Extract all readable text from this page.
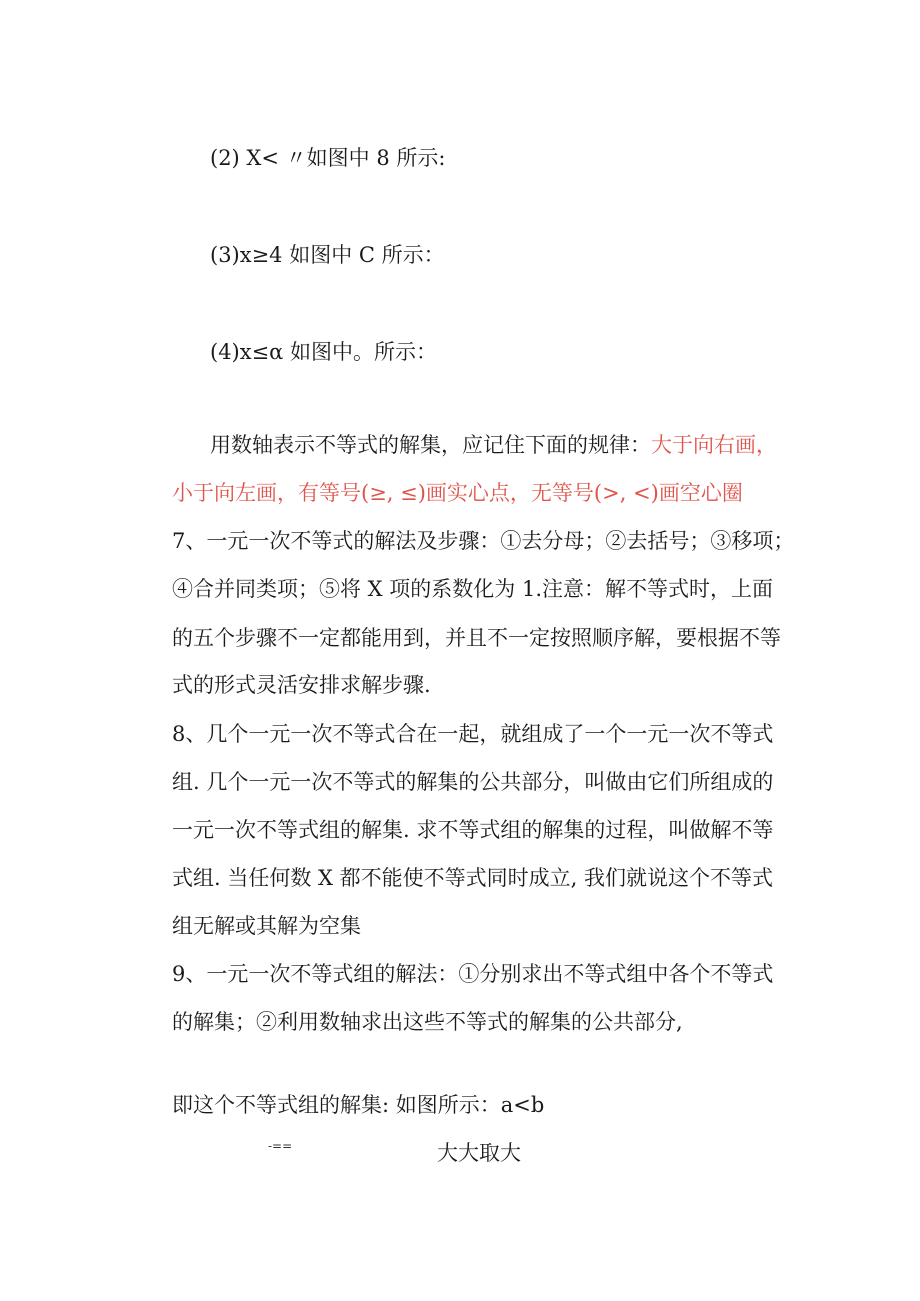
(2) X< 〃如图中 8 所示:

(3)x≥4 如图中 C 所示：

(4)x≤α 如图中。所示：

用数轴表示不等式的解集，应记住下面的规律：大于向右画，

小于向左画，有等号(≥, ≤)画实心点，无等号(>, <)画空心圈

7、一元一次不等式的解法及步骤：①去分母；②去括号；③移项；

④合并同类项；⑤将 X 项的系数化为 1.注意：解不等式时，上面

的五个步骤不一定都能用到，并且不一定按照顺序解，要根据不等

式的形式灵活安排求解步骤.

8、几个一元一次不等式合在一起，就组成了一个一元一次不等式

组. 几个一元一次不等式的解集的公共部分，叫做由它们所组成的

一元一次不等式组的解集. 求不等式组的解集的过程，叫做解不等

式组. 当任何数 X 都不能使不等式同时成立, 我们就说这个不等式

组无解或其解为空集

9、一元一次不等式组的解法：①分别求出不等式组中各个不等式

的解集；②利用数轴求出这些不等式的解集的公共部分,

即这个不等式组的解集: 如图所示：a<b

-==	大大取大
